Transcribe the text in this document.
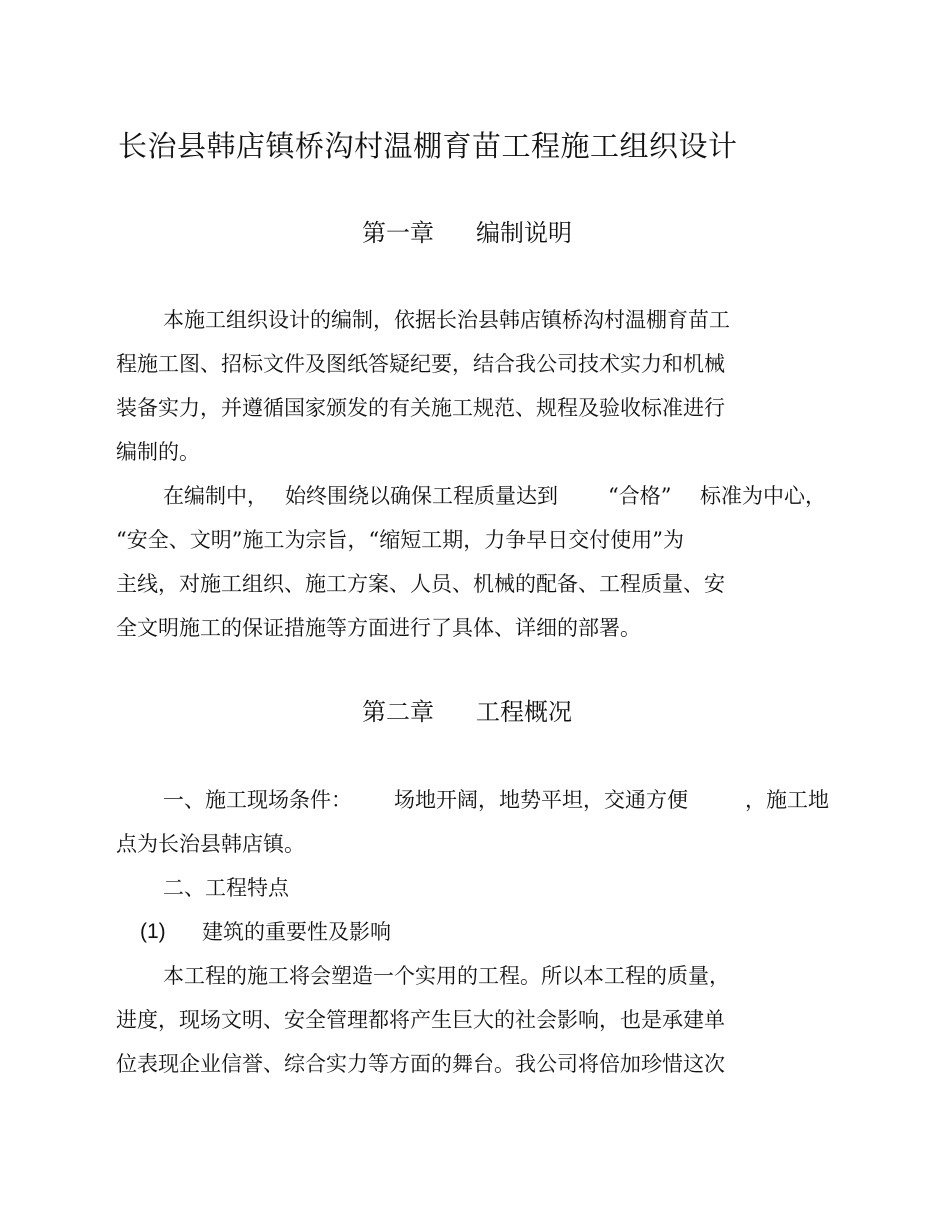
长治县韩店镇桥沟村温棚育苗工程施工组织设计
第一章 编制说明
本施工组织设计的编制，依据长治县韩店镇桥沟村温棚育苗工
程施工图、招标文件及图纸答疑纪要，结合我公司技术实力和机械
装备实力，并遵循国家颁发的有关施工规范、规程及验收标准进行
编制的。
在编制中， 始终围绕以确保工程质量达到 “合格” 标准为中心，
“安全、文明”施工为宗旨，“缩短工期，力争早日交付使用”为
主线，对施工组织、施工方案、人员、机械的配备、工程质量、安
全文明施工的保证措施等方面进行了具体、详细的部署。
第二章 工程概况
一、施工现场条件： 场地开阔，地势平坦，交通方便	，施工地
点为长治县韩店镇。
二、工程特点
(1) 建筑的重要性及影响
本工程的施工将会塑造一个实用的工程。所以本工程的质量，
进度，现场文明、安全管理都将产生巨大的社会影响，也是承建单
位表现企业信誉、综合实力等方面的舞台。我公司将倍加珍惜这次
